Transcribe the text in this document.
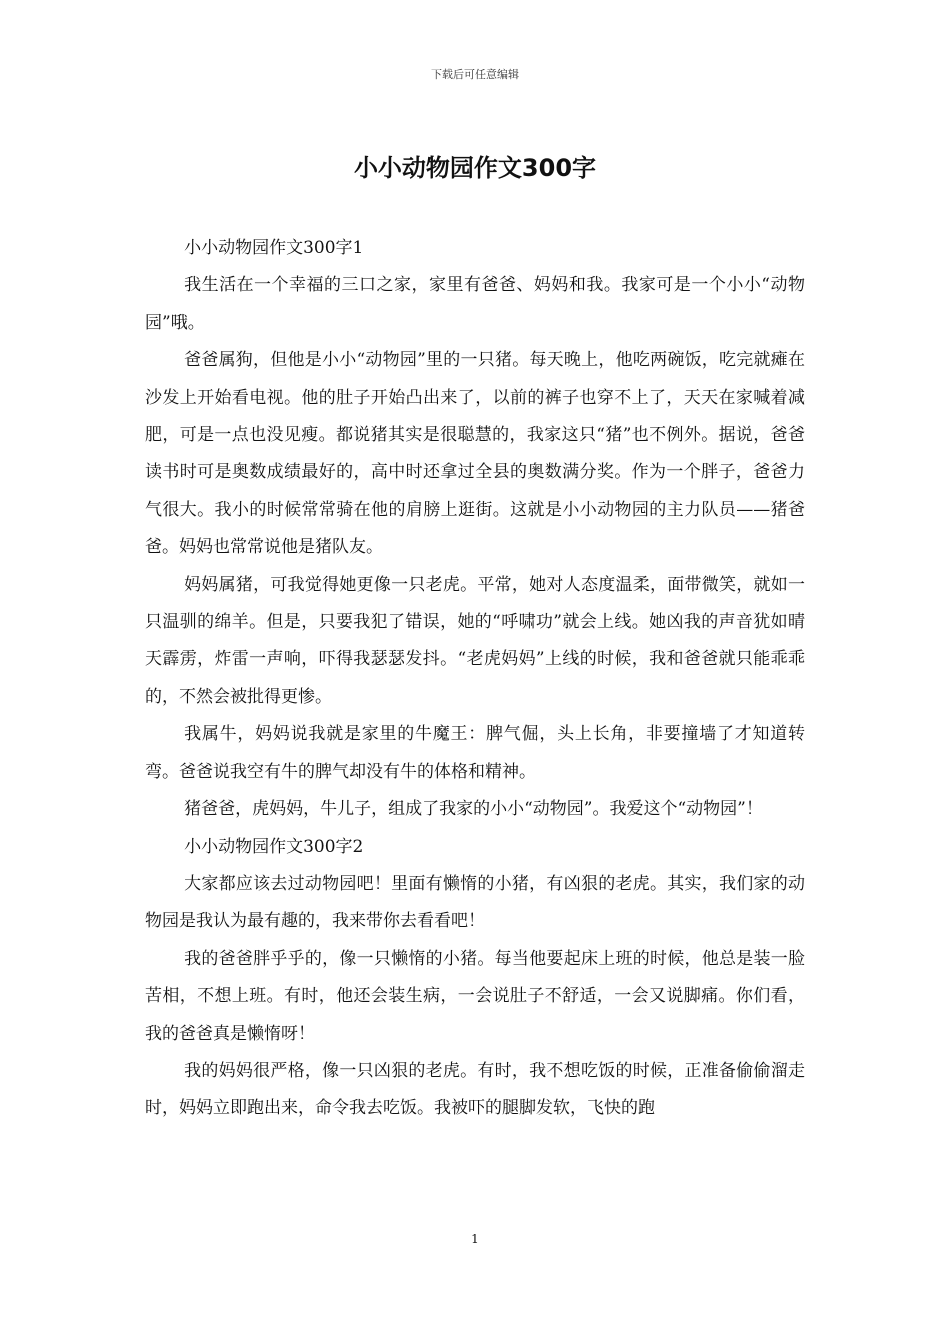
下载后可任意编辑
小小动物园作文300字

小小动物园作文300字1

我生活在一个幸福的三口之家，家里有爸爸、妈妈和我。我家可是一个小小“动物园”哦。

爸爸属狗，但他是小小“动物园”里的一只猪。每天晚上，他吃两碗饭，吃完就瘫在沙发上开始看电视。他的肚子开始凸出来了，以前的裤子也穿不上了，天天在家喊着减肥，可是一点也没见瘦。都说猪其实是很聪慧的，我家这只“猪”也不例外。据说，爸爸读书时可是奥数成绩最好的，高中时还拿过全县的奥数满分奖。作为一个胖子，爸爸力气很大。我小的时候常常骑在他的肩膀上逛街。这就是小小动物园的主力队员——猪爸爸。妈妈也常常说他是猪队友。

妈妈属猪，可我觉得她更像一只老虎。平常，她对人态度温柔，面带微笑，就如一只温驯的绵羊。但是，只要我犯了错误，她的“呼啸功”就会上线。她凶我的声音犹如晴天霹雳，炸雷一声响，吓得我瑟瑟发抖。“老虎妈妈”上线的时候，我和爸爸就只能乖乖的，不然会被批得更惨。

我属牛，妈妈说我就是家里的牛魔王：脾气倔，头上长角，非要撞墙了才知道转弯。爸爸说我空有牛的脾气却没有牛的体格和精神。

猪爸爸，虎妈妈，牛儿子，组成了我家的小小“动物园”。我爱这个“动物园”！

小小动物园作文300字2

大家都应该去过动物园吧！里面有懒惰的小猪，有凶狠的老虎。其实，我们家的动物园是我认为最有趣的，我来带你去看看吧！

我的爸爸胖乎乎的，像一只懒惰的小猪。每当他要起床上班的时候，他总是装一脸苦相，不想上班。有时，他还会装生病，一会说肚子不舒适，一会又说脚痛。你们看，我的爸爸真是懒惰呀！

我的妈妈很严格，像一只凶狠的老虎。有时，我不想吃饭的时候，正准备偷偷溜走时，妈妈立即跑出来，命令我去吃饭。我被吓的腿脚发软，飞快的跑

1
